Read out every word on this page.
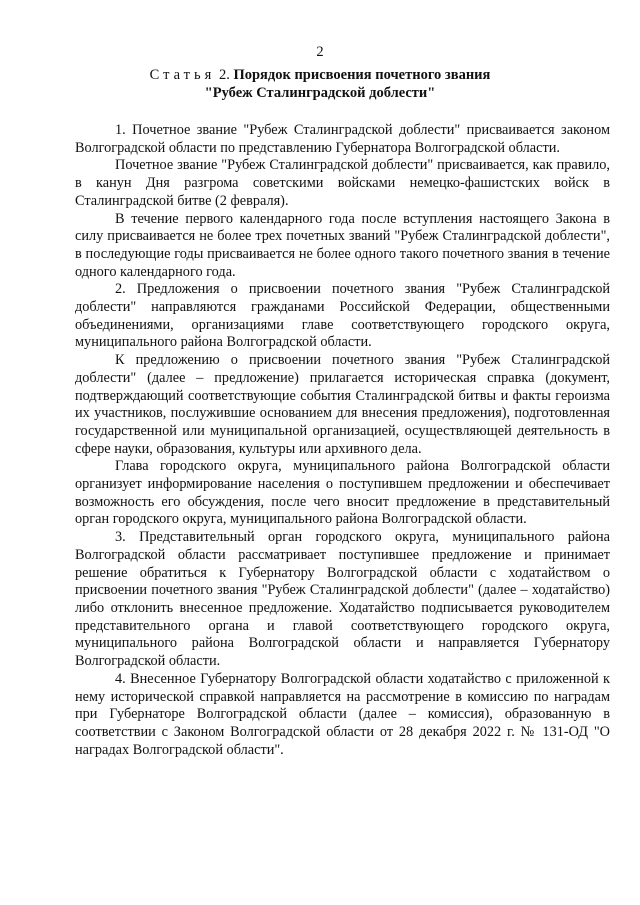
2
Статья 2. Порядок присвоения почетного звания
"Рубеж Сталинградской доблести"

1. Почетное звание "Рубеж Сталинградской доблести" присваивается законом Волгоградской области по представлению Губернатора Волгоградской области.

Почетное звание "Рубеж Сталинградской доблести" присваивается, как правило, в канун Дня разгрома советскими войсками немецко-фашистских войск в Сталинградской битве (2 февраля).

В течение первого календарного года после вступления настоящего Закона в силу присваивается не более трех почетных званий "Рубеж Сталинградской доблести", в последующие годы присваивается не более одного такого почетного звания в течение одного календарного года.

2. Предложения о присвоении почетного звания "Рубеж Сталинградской доблести" направляются гражданами Российской Федерации, общественными объединениями, организациями главе соответствующего городского округа, муниципального района Волгоградской области.

К предложению о присвоении почетного звания "Рубеж Сталинградской доблести" (далее – предложение) прилагается историческая справка (документ, подтверждающий соответствующие события Сталинградской битвы и факты героизма их участников, послужившие основанием для внесения предложения), подготовленная государственной или муниципальной организацией, осуществляющей деятельность в сфере науки, образования, культуры или архивного дела.

Глава городского округа, муниципального района Волгоградской области организует информирование населения о поступившем предложении и обеспечивает возможность его обсуждения, после чего вносит предложение в представительный орган городского округа, муниципального района Волгоградской области.

3. Представительный орган городского округа, муниципального района Волгоградской области рассматривает поступившее предложение и принимает решение обратиться к Губернатору Волгоградской области с ходатайством о присвоении почетного звания "Рубеж Сталинградской доблести" (далее – ходатайство) либо отклонить внесенное предложение. Ходатайство подписывается руководителем представительного органа и главой соответствующего городского округа, муниципального района Волгоградской области и направляется Губернатору Волгоградской области.

4. Внесенное Губернатору Волгоградской области ходатайство с приложенной к нему исторической справкой направляется на рассмотрение в комиссию по наградам при Губернаторе Волгоградской области (далее – комиссия), образованную в соответствии с Законом Волгоградской области от 28 декабря 2022 г. № 131-ОД "О наградах Волгоградской области".
